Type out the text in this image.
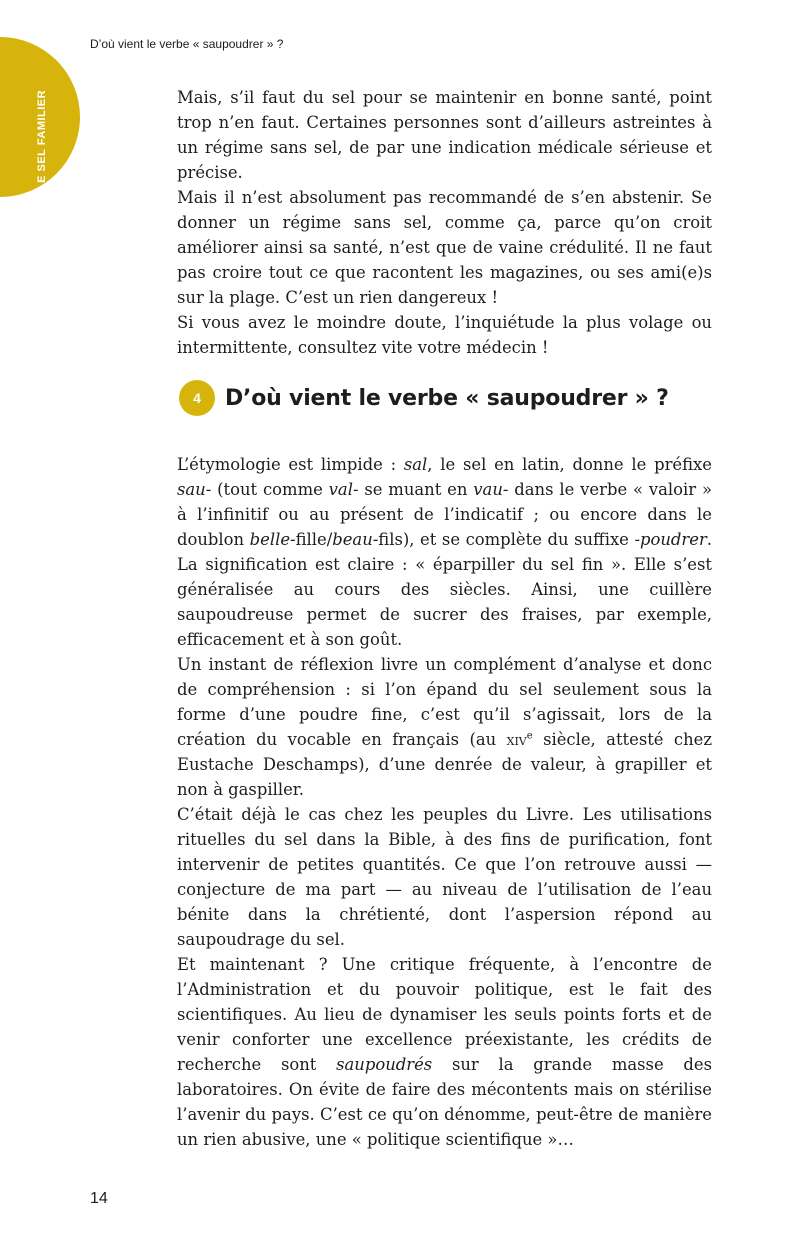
D’où vient le verbe « saupoudrer » ?
LE SEL FAMILIER	Mais, s’il faut du sel pour se maintenir en bonne santé, point trop n’en faut. Certaines personnes sont d’ailleurs astreintes à un régime sans sel, de par une indication médicale sérieuse et précise.

Mais il n’est absolument pas recommandé de s’en abstenir. Se donner un régime sans sel, comme ça, parce qu’on croit améliorer ainsi sa santé, n’est que de vaine crédulité. Il ne faut pas croire tout ce que racontent les magazines, ou ses ami(e)s sur la plage. C’est un rien dangereux !

Si vous avez le moindre doute, l’inquiétude la plus volage ou intermittente, consultez vite votre médecin !

4	D’où vient le verbe « saupoudrer » ?

L’étymologie est limpide : sal, le sel en latin, donne le préfixe sau- (tout comme val- se muant en vau- dans le verbe « valoir » à l’infinitif ou au présent de l’indicatif ; ou encore dans le doublon belle-fille/beau-fils), et se complète du suffixe -poudrer. La signification est claire : « éparpiller du sel fin ». Elle s’est généralisée au cours des siècles. Ainsi, une cuillère saupoudreuse permet de sucrer des fraises, par exemple, efficacement et à son goût.

Un instant de réflexion livre un complément d’analyse et donc de compréhension : si l’on épand du sel seulement sous la forme d’une poudre fine, c’est qu’il s’agissait, lors de la création du vocable en français (au xiv$^e$ siècle, attesté chez Eustache Deschamps), d’une denrée de valeur, à grapiller et non à gaspiller.

C’était déjà le cas chez les peuples du Livre. Les utilisations rituelles du sel dans la Bible, à des fins de purification, font intervenir de petites quantités. Ce que l’on retrouve aussi — conjecture de ma part — au niveau de l’utilisation de l’eau bénite dans la chrétienté, dont l’aspersion répond au saupoudrage du sel.

Et maintenant ? Une critique fréquente, à l’encontre de l’Administration et du pouvoir politique, est le fait des scientifiques. Au lieu de dynamiser les seuls points forts et de venir conforter une excellence préexistante, les crédits de recherche sont saupoudrés sur la grande masse des laboratoires. On évite de faire des mécontents mais on stérilise l’avenir du pays. C’est ce qu’on dénomme, peut-être de manière un rien abusive, une « politique scientifique »…

14
